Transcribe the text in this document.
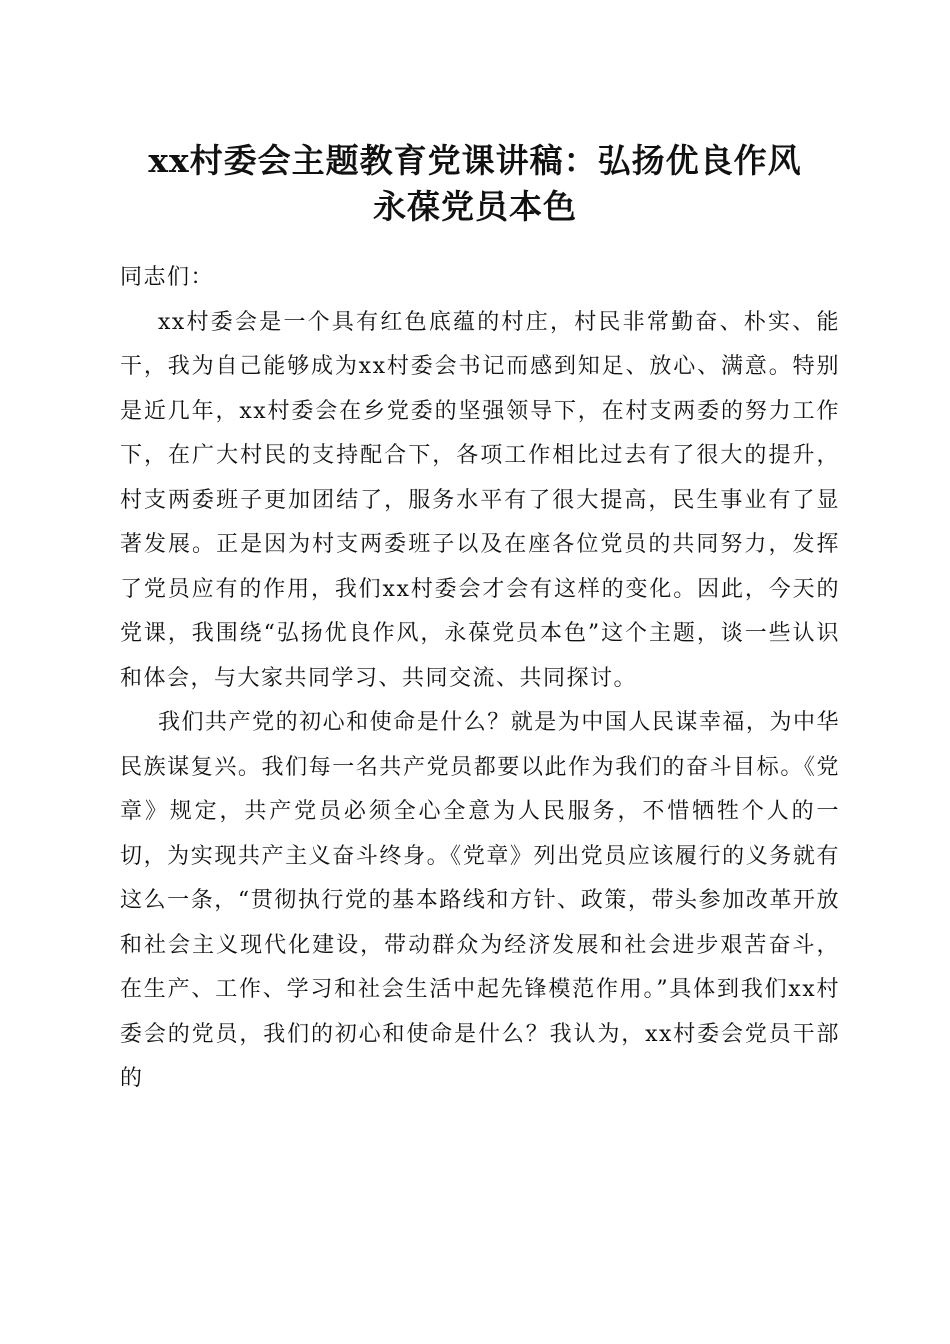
xx村委会主题教育党课讲稿：弘扬优良作风
永葆党员本色

同志们：

xx村委会是一个具有红色底蕴的村庄，村民非常勤奋、朴实、能干，我为自己能够成为xx村委会书记而感到知足、放心、满意。特别是近几年，xx村委会在乡党委的坚强领导下，在村支两委的努力工作下，在广大村民的支持配合下，各项工作相比过去有了很大的提升，村支两委班子更加团结了，服务水平有了很大提高，民生事业有了显著发展。正是因为村支两委班子以及在座各位党员的共同努力，发挥了党员应有的作用，我们xx村委会才会有这样的变化。因此，今天的党课，我围绕“弘扬优良作风，永葆党员本色”这个主题，谈一些认识和体会，与大家共同学习、共同交流、共同探讨。

我们共产党的初心和使命是什么？就是为中国人民谋幸福，为中华民族谋复兴。我们每一名共产党员都要以此作为我们的奋斗目标。《党章》规定，共产党员必须全心全意为人民服务，不惜牺牲个人的一切，为实现共产主义奋斗终身。《党章》列出党员应该履行的义务就有这么一条，“贯彻执行党的基本路线和方针、政策，带头参加改革开放和社会主义现代化建设，带动群众为经济发展和社会进步艰苦奋斗，在生产、工作、学习和社会生活中起先锋模范作用。”具体到我们xx村委会的党员，我们的初心和使命是什么？我认为，xx村委会党员干部的
